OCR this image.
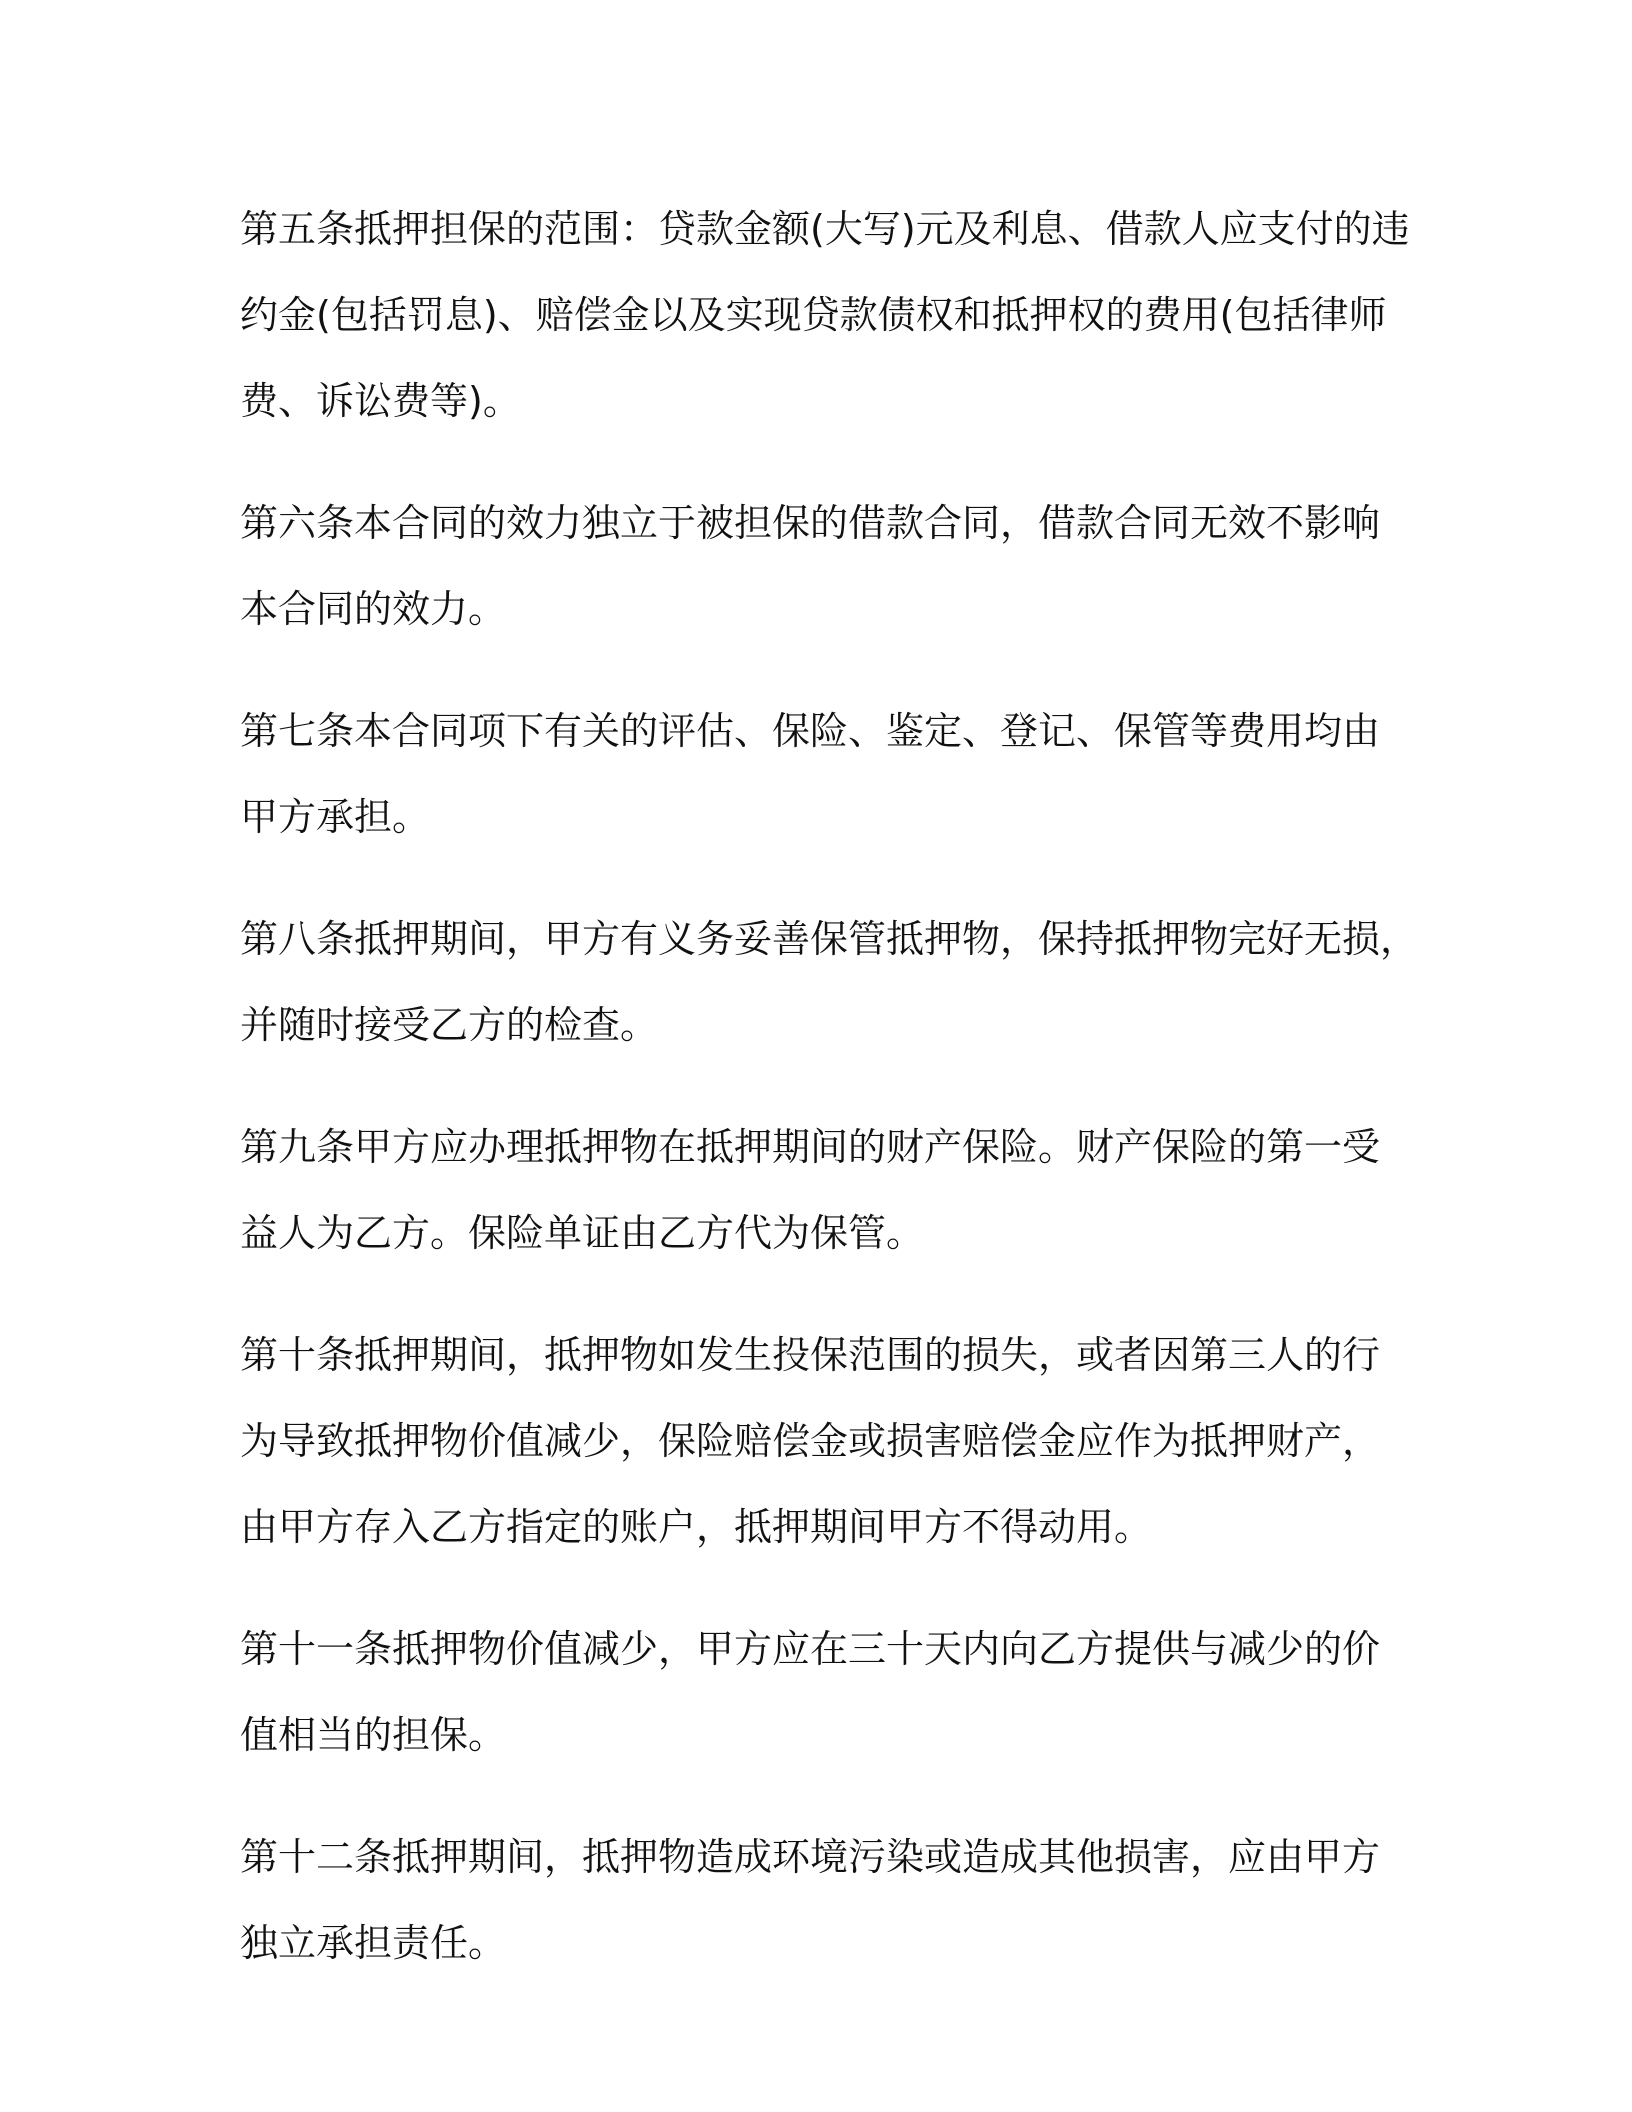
第五条抵押担保的范围：贷款金额(大写)元及利息、借款人应支付的违
约金(包括罚息)、赔偿金以及实现贷款债权和抵押权的费用(包括律师
费、诉讼费等)。
第六条本合同的效力独立于被担保的借款合同，借款合同无效不影响
本合同的效力。
第七条本合同项下有关的评估、保险、鉴定、登记、保管等费用均由
甲方承担。
第八条抵押期间，甲方有义务妥善保管抵押物，保持抵押物完好无损，
并随时接受乙方的检查。
第九条甲方应办理抵押物在抵押期间的财产保险。财产保险的第一受
益人为乙方。保险单证由乙方代为保管。
第十条抵押期间，抵押物如发生投保范围的损失，或者因第三人的行
为导致抵押物价值减少，保险赔偿金或损害赔偿金应作为抵押财产，
由甲方存入乙方指定的账户，抵押期间甲方不得动用。
第十一条抵押物价值减少，甲方应在三十天内向乙方提供与减少的价
值相当的担保。
第十二条抵押期间，抵押物造成环境污染或造成其他损害，应由甲方
独立承担责任。
